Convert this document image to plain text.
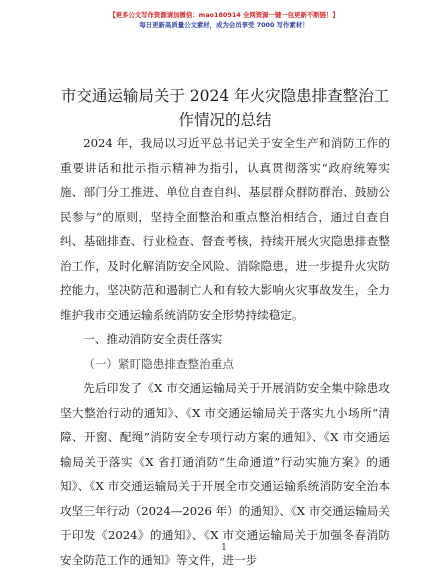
【更多公文写作资源请加微信：mao180914 全网资源一键一包更新不断链！】
每日更新高质量公文素材，成为会员享受 7000 写作素材！
市交通运输局关于 2024 年火灾隐患排查整治工作情况的总结

2024 年，我局以习近平总书记关于安全生产和消防工作的重要讲话和批示指示精神为指引，认真贯彻落实“政府统筹实施、部门分工推进、单位自查自纠、基层群众群防群治、鼓励公民参与”的原则，坚持全面整治和重点整治相结合，通过自查自纠、基础排查、行业检查、督查考核，持续开展火灾隐患排查整治工作，及时化解消防安全风险、消除隐患，进一步提升火灾防控能力，坚决防范和遏制亡人和有较大影响火灾事故发生，全力维护我市交通运输系统消防安全形势持续稳定。

一、推动消防安全责任落实

（一）紧盯隐患排查整治重点

先后印发了《X 市交通运输局关于开展消防安全集中除患攻坚大整治行动的通知》、《X 市交通运输局关于落实九小场所“清障、开窗、配绳”消防安全专项行动方案的通知》、《X 市交通运输局关于落实《X 省打通消防“生命通道”行动实施方案》的通知》、《X 市交通运输局关于开展全市交通运输系统消防安全治本攻坚三年行动（2024—2026 年）的通知》、《X 市交通运输局关于印发《2024》的通知》、《X 市交通运输局关于加强冬春消防安全防范工作的通知》等文件，进一步

1
